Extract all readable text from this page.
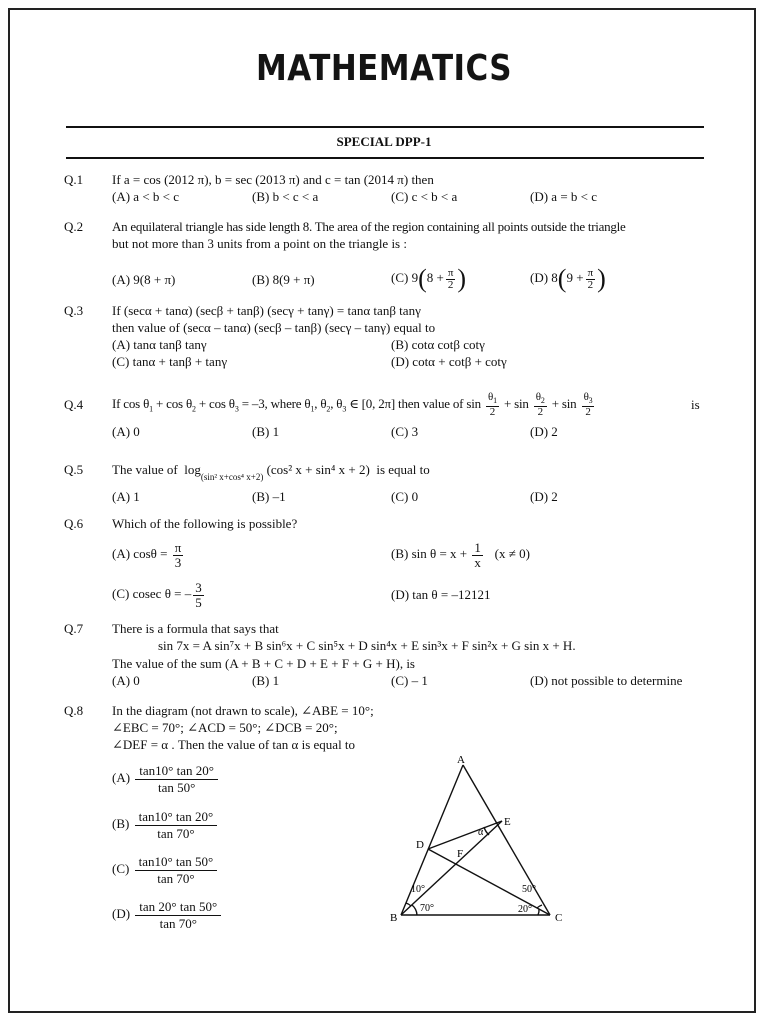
MATHEMATICS
SPECIAL DPP-1
Q.1 If a = cos (2012 π), b = sec (2013 π) and c = tan (2014 π) then
(A) a < b < c	(B) b < c < a	(C) c < b < a	(D) a = b < c
Q.2 An equilateral triangle has side length 8. The area of the region containing all points outside the triangle
but not more than 3 units from a point on the triangle is :
(A) 9(8 + π)	(B) 8(9 + π)	(C) $9(8 + \frac{\pi}{2}$ )	(D) $8(9 + \frac{\pi}{2}$ )
Q.3 If (secα + tanα) (secβ + tanβ) (secγ + tanγ) = tanα tanβ tanγ
then value of (secα – tanα) (secβ – tanβ) (secγ – tanγ) equal to
(A) tanα tanβ tanγ	(B) cotα cotβ cotγ
(C) tanα + tanβ + tanγ	(D) cotα + cotβ + cotγ
Q.4 If $\cos \theta_1 + \cos \theta_2 + \cos \theta_3 = -3$, where $\theta_1$, $\theta_2$, $\theta_3$ ∈ [0, 2π] then value of $\sin \frac{\theta_1}{2} + \sin \frac{\theta_2}{2} + \sin \frac{\theta_3}{2}$	is
(A) 0	(B) 1	(C) 3	(D) 2
Q.5 The value of $\log_{(sin^2 x+cos^4 x+2)} (\cos^2$ x + sin⁴ x + 2) is equal to
(A) 1	(B) –1	(C) 0	(D) 2
Q.6 Which of the following is possible?
(A) $\cos\theta = \frac{\pi}{3}$	(B) $\sin \theta = x + \frac{1}{x} (x \ne 0)$
(C) cosec θ = – $\frac{3}{5}$	(D) tan θ = –12121
Q.7 There is a formula that says that
sin 7x = A sin⁷x + B sin⁶x + C sin⁵x + D sin⁴x + E sin³x + F sin²x + G sin x + H.
The value of the sum (A + B + C + D + E + F + G + H), is
(A) 0	(B) 1	(C) – 1	(D) not possible to determine
Q.8 In the diagram (not drawn to scale), ∠ABE = 10°;
∠EBC = 70°; ∠ACD = 50°; ∠DCB = 20°;
∠DEF = α . Then the value of tan α is equal to
$(A) \frac{\tan 10^\circ \tan 20^\circ}{\tan 50^\circ}$
$(B) \frac{\tan 10^\circ \tan 20^\circ}{\tan 70^\circ}$
$(C) \frac{\tan 10^\circ \tan 50^\circ}{\tan 70^\circ}$
$(D) \frac{\tan 20^\circ \tan 50^\circ}{\tan 70^\circ}$
A
B	C
D
E
F
α
10°
70°
50°
20°
